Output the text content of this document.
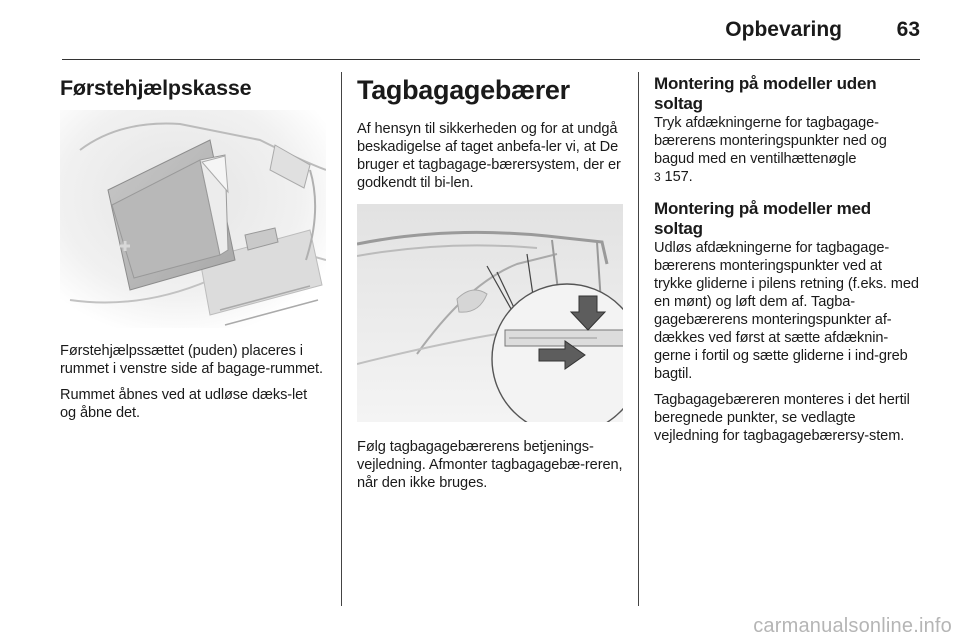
Opbevaring	63
Førstehjælpskasse
Førstehjælpssættet (puden) placeres i rummet i venstre side af bagage-rummet.
Rummet åbnes ved at udløse dæks-let og åbne det.
Tagbagagebærer
Af hensyn til sikkerheden og for at undgå beskadigelse af taget anbefa-ler vi, at De bruger et tagbagage-bærersystem, der er godkendt til bi-len.
Følg tagbagagebærerens betjenings-vejledning. Afmonter tagbagagebæ-reren, når den ikke bruges.
Montering på modeller uden soltag
Tryk afdækningerne for tagbagage-bærerens monteringspunkter ned og bagud med en ventilhættenøgle
3 157.
Montering på modeller med soltag
Udløs afdækningerne for tagbagage-bærerens monteringspunkter ved at trykke gliderne i pilens retning (f.eks. med en mønt) og løft dem af. Tagba-gagebærerens monteringspunkter af-dækkes ved først at sætte afdæknin-gerne i fortil og sætte gliderne i ind-greb bagtil.
Tagbagagebæreren monteres i det hertil beregnede punkter, se vedlagte vejledning for tagbagagebærersy-stem.
carmanualsonline.info
